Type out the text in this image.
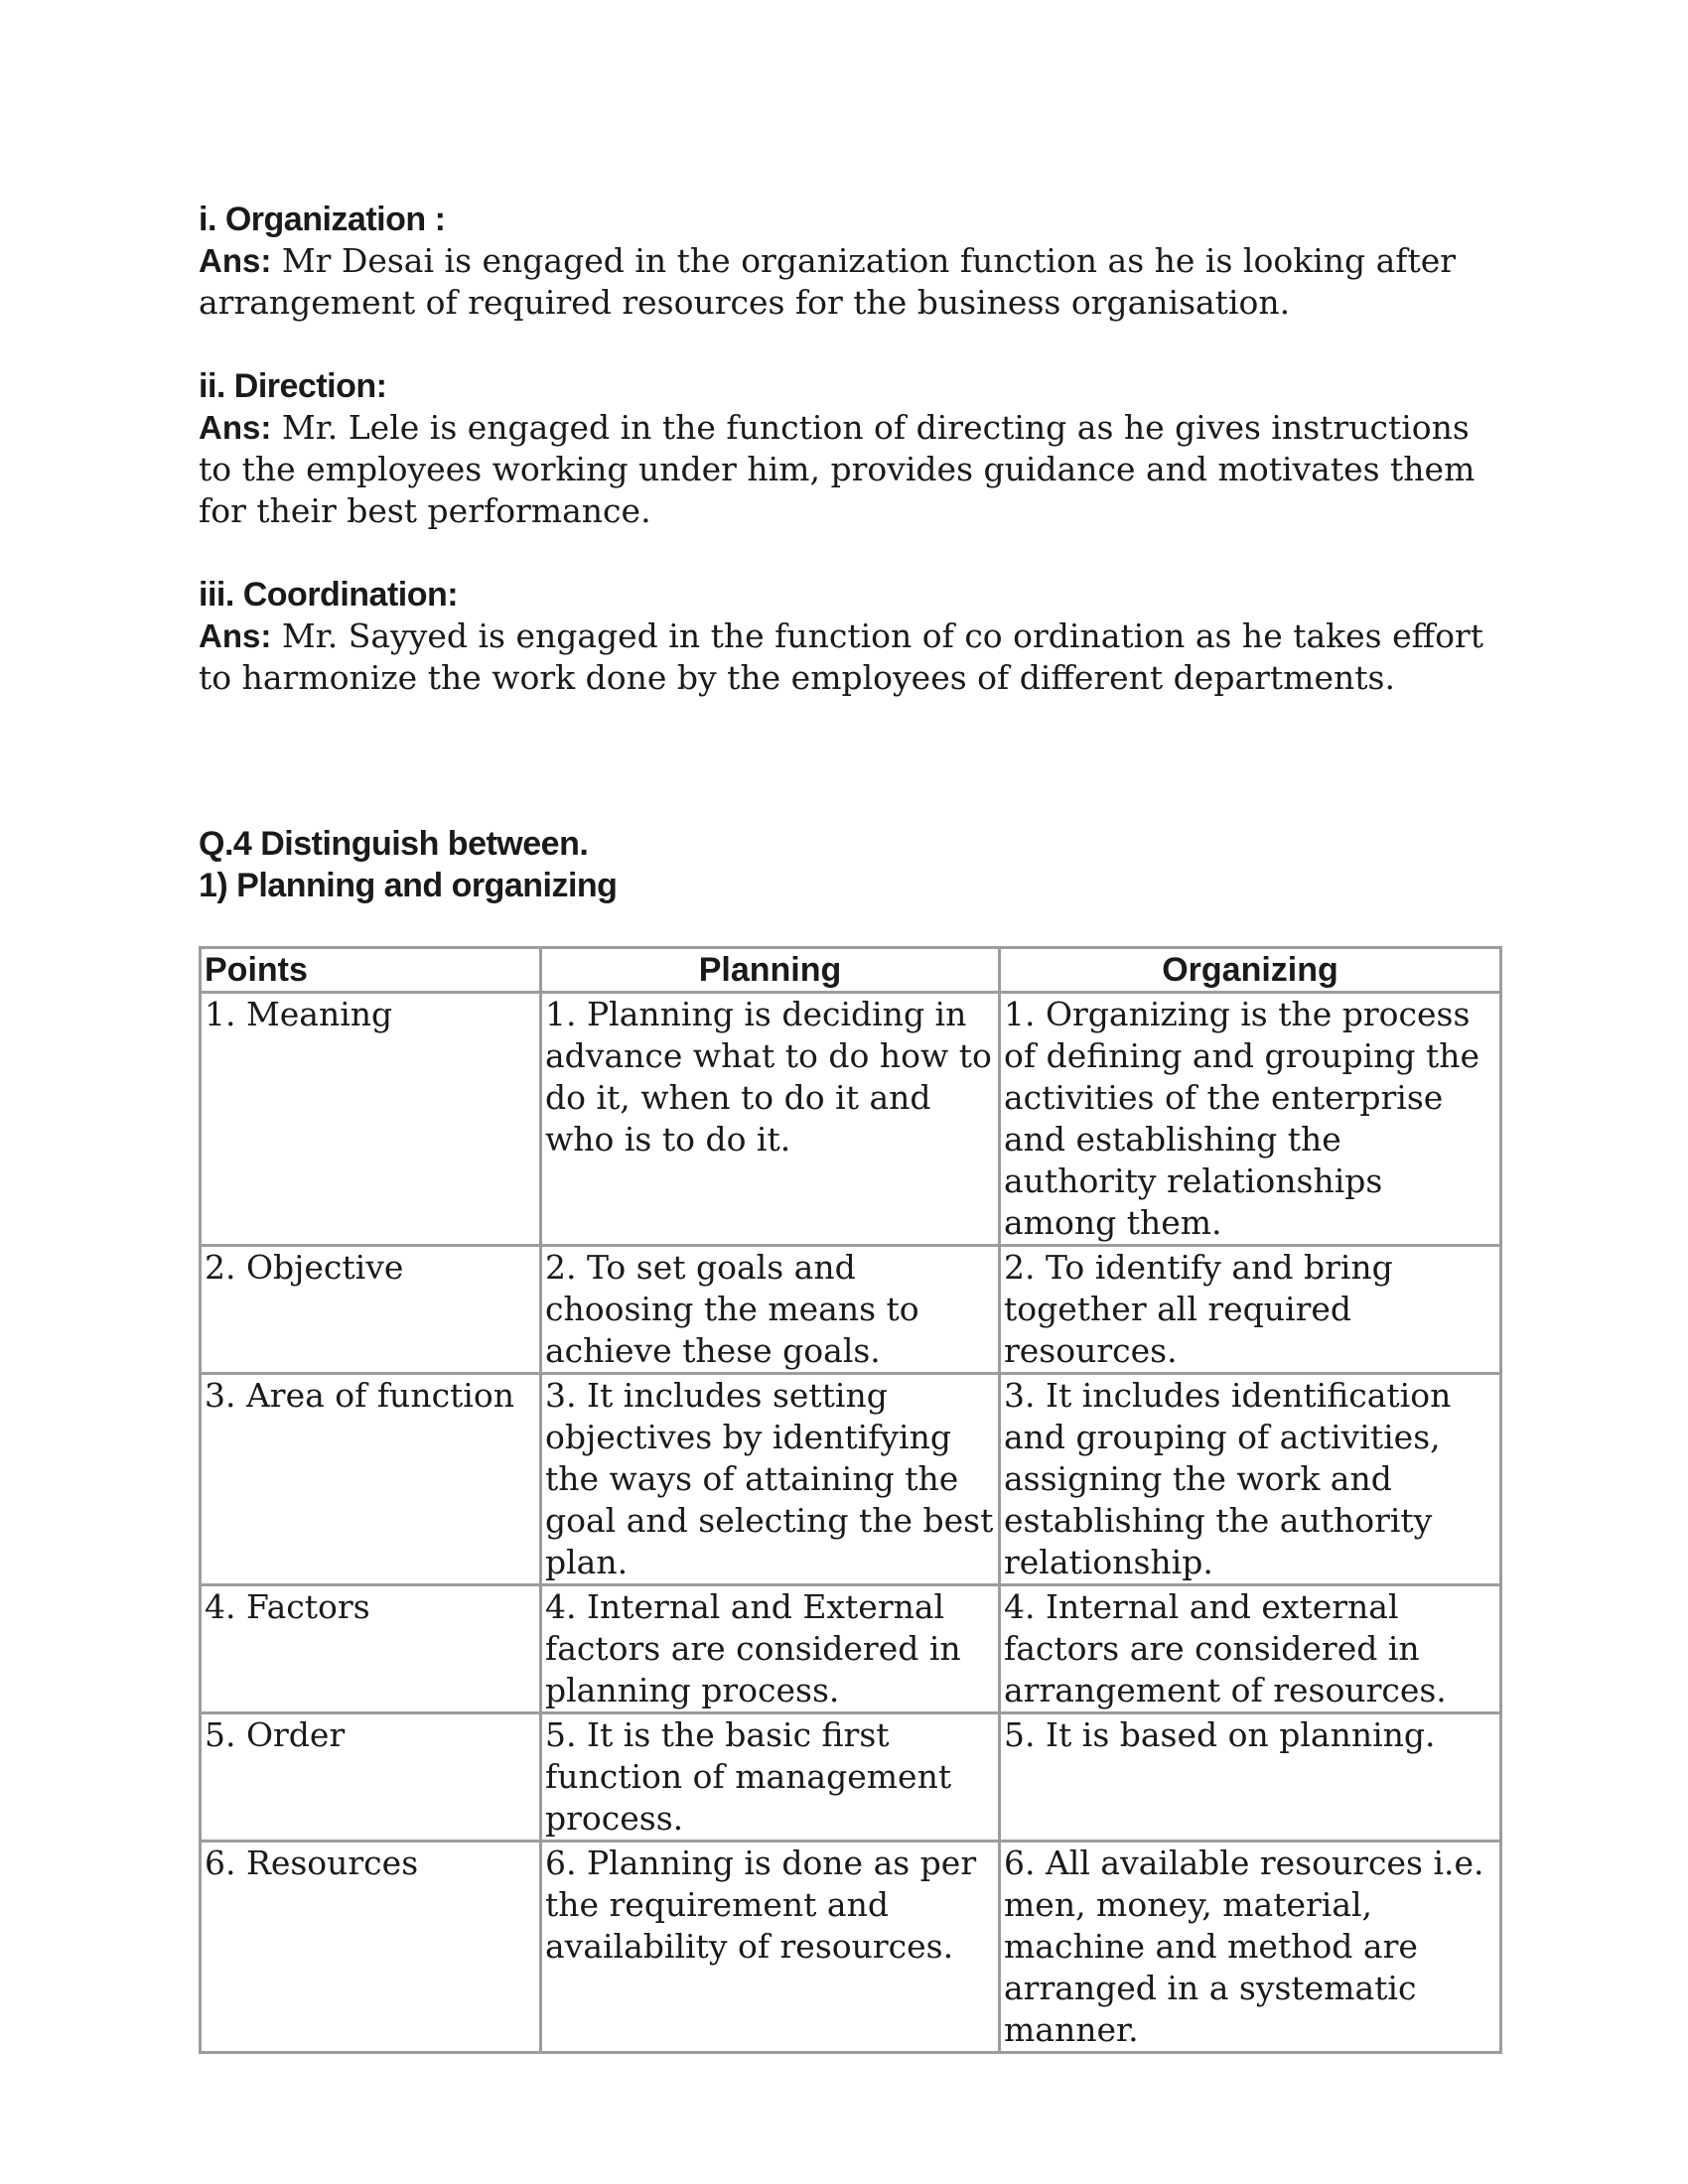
i. Organization :
Ans: Mr Desai is engaged in the organization function as he is looking after arrangement of required resources for the business organisation.
ii. Direction:
Ans: Mr. Lele is engaged in the function of directing as he gives instructions to the employees working under him, provides guidance and motivates them for their best performance.
iii. Coordination:
Ans: Mr. Sayyed is engaged in the function of co ordination as he takes effort to harmonize the work done by the employees of different departments.
Q.4 Distinguish between.
1) Planning and organizing
Points	Planning	Organizing
1. Meaning	1. Planning is deciding in advance what to do how to do it, when to do it and who is to do it.	1. Organizing is the process of defining and grouping the activities of the enterprise and establishing the authority relationships among them.
2. Objective	2. To set goals and choosing the means to achieve these goals.	2. To identify and bring together all required resources.
3. Area of function	3. It includes setting objectives by identifying the ways of attaining the goal and selecting the best plan.	3. It includes identification and grouping of activities, assigning the work and establishing the authority relationship.
4. Factors	4. Internal and External factors are considered in planning process.	4. Internal and external factors are considered in arrangement of resources.
5. Order	5. It is the basic first function of management process.	5. It is based on planning.
6. Resources	6. Planning is done as per the requirement and availability of resources.	6. All available resources i.e. men, money, material, machine and method are arranged in a systematic manner.
